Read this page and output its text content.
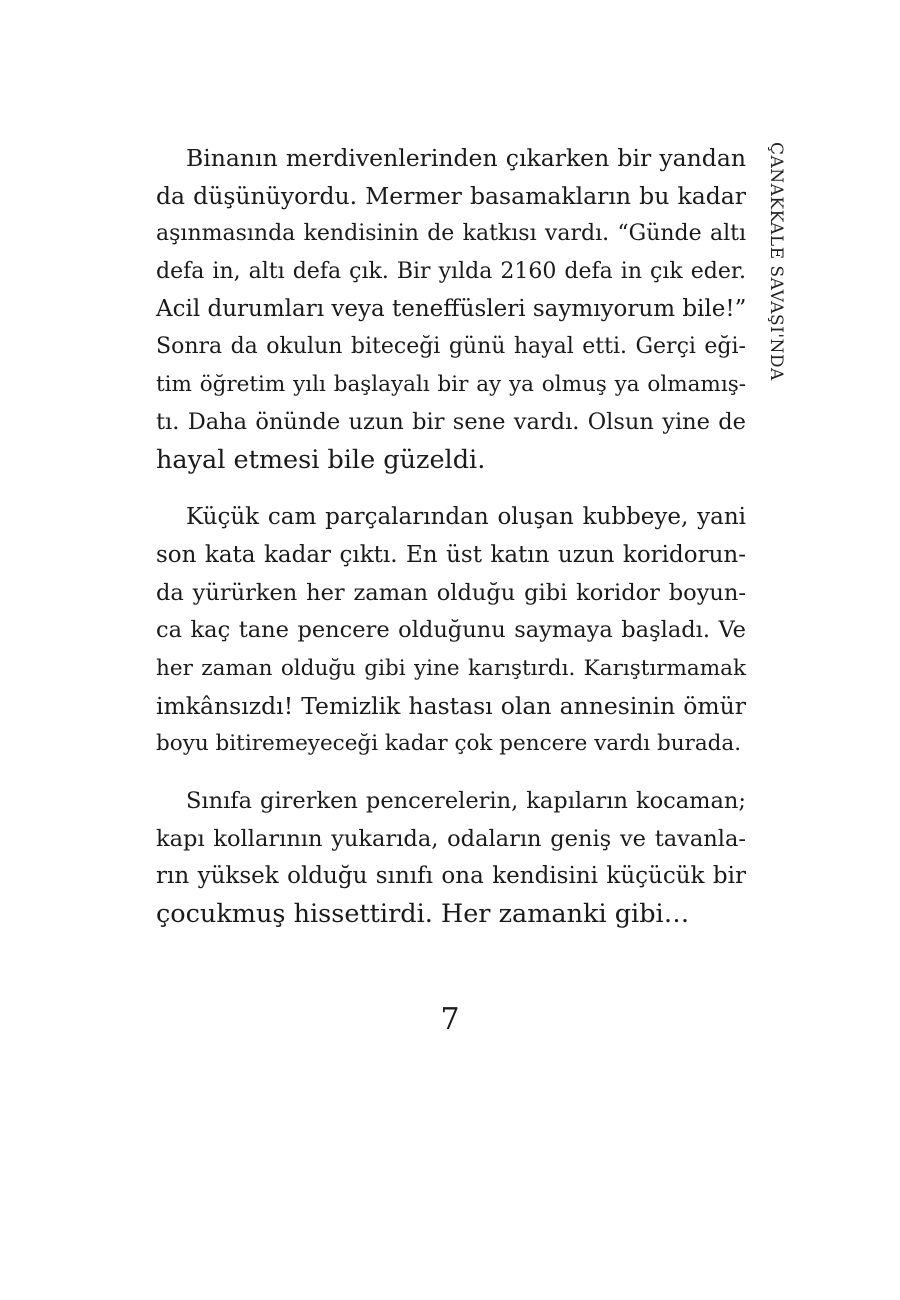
ÇANAKKALE SAVAŞI'NDA

Binanın merdivenlerinden çıkarken bir yandan
da düşünüyordu. Mermer basamakların bu kadar
aşınmasında kendisinin de katkısı vardı. “Günde altı
defa in, altı defa çık. Bir yılda 2160 defa in çık eder.
Acil durumları veya teneffüsleri saymıyorum bile!”
Sonra da okulun biteceği günü hayal etti. Gerçi eği-
tim öğretim yılı başlayalı bir ay ya olmuş ya olmamış-
tı. Daha önünde uzun bir sene vardı. Olsun yine de
hayal etmesi bile güzeldi.

Küçük cam parçalarından oluşan kubbeye, yani
son kata kadar çıktı. En üst katın uzun koridorun-
da yürürken her zaman olduğu gibi koridor boyun-
ca kaç tane pencere olduğunu saymaya başladı. Ve
her zaman olduğu gibi yine karıştırdı. Karıştırmamak
imkânsızdı! Temizlik hastası olan annesinin ömür
boyu bitiremeyeceği kadar çok pencere vardı burada.

Sınıfa girerken pencerelerin, kapıların kocaman;
kapı kollarının yukarıda, odaların geniş ve tavanla-
rın yüksek olduğu sınıfı ona kendisini küçücük bir
çocukmuş hissettirdi. Her zamanki gibi…

7
